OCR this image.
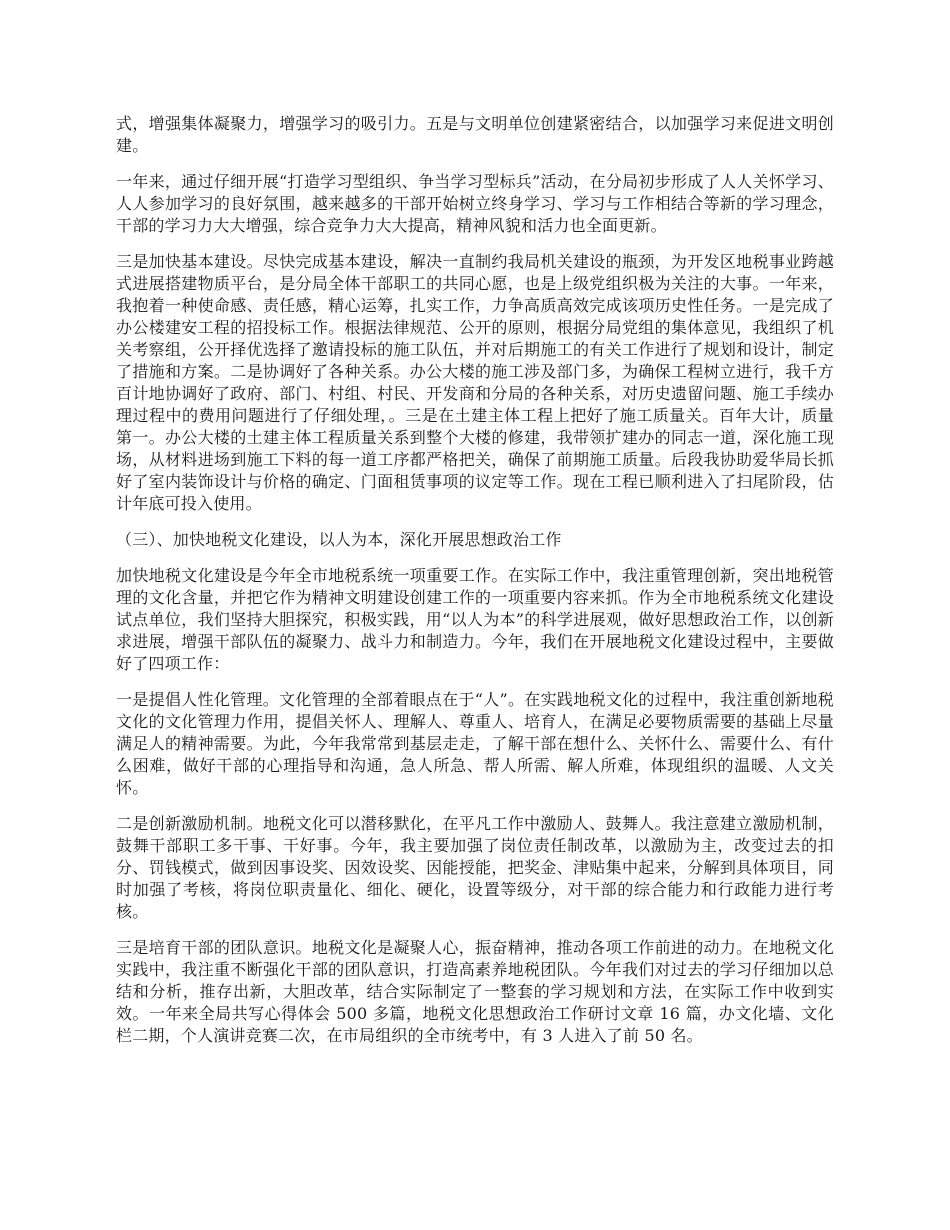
式，增强集体凝聚力，增强学习的吸引力。五是与文明单位创建紧密结合，以加强学习来促进文明创建。

一年来，通过仔细开展“打造学习型组织、争当学习型标兵”活动，在分局初步形成了人人关怀学习、人人参加学习的良好氛围，越来越多的干部开始树立终身学习、学习与工作相结合等新的学习理念，干部的学习力大大增强，综合竞争力大大提高，精神风貌和活力也全面更新。

三是加快基本建设。尽快完成基本建设，解决一直制约我局机关建设的瓶颈，为开发区地税事业跨越式进展搭建物质平台，是分局全体干部职工的共同心愿，也是上级党组织极为关注的大事。一年来，我抱着一种使命感、责任感，精心运筹，扎实工作，力争高质高效完成该项历史性任务。一是完成了办公楼建安工程的招投标工作。根据法律规范、公开的原则，根据分局党组的集体意见，我组织了机关考察组，公开择优选择了邀请投标的施工队伍，并对后期施工的有关工作进行了规划和设计，制定了措施和方案。二是协调好了各种关系。办公大楼的施工涉及部门多，为确保工程树立进行，我千方百计地协调好了政府、部门、村组、村民、开发商和分局的各种关系，对历史遗留问题、施工手续办理过程中的费用问题进行了仔细处理，。三是在土建主体工程上把好了施工质量关。百年大计，质量第一。办公大楼的土建主体工程质量关系到整个大楼的修建，我带领扩建办的同志一道，深化施工现场，从材料进场到施工下料的每一道工序都严格把关，确保了前期施工质量。后段我协助爱华局长抓好了室内装饰设计与价格的确定、门面租赁事项的议定等工作。现在工程已顺利进入了扫尾阶段，估计年底可投入使用。

（三）、加快地税文化建设，以人为本，深化开展思想政治工作

加快地税文化建设是今年全市地税系统一项重要工作。在实际工作中，我注重管理创新，突出地税管理的文化含量，并把它作为精神文明建设创建工作的一项重要内容来抓。作为全市地税系统文化建设试点单位，我们坚持大胆探究，积极实践，用“以人为本”的科学进展观，做好思想政治工作，以创新求进展，增强干部队伍的凝聚力、战斗力和制造力。今年，我们在开展地税文化建设过程中，主要做好了四项工作：

一是提倡人性化管理。文化管理的全部着眼点在于“人”。在实践地税文化的过程中，我注重创新地税文化的文化管理力作用，提倡关怀人、理解人、尊重人、培育人，在满足必要物质需要的基础上尽量满足人的精神需要。为此，今年我常常到基层走走，了解干部在想什么、关怀什么、需要什么、有什么困难，做好干部的心理指导和沟通，急人所急、帮人所需、解人所难，体现组织的温暖、人文关怀。

二是创新激励机制。地税文化可以潜移默化，在平凡工作中激励人、鼓舞人。我注意建立激励机制，鼓舞干部职工多干事、干好事。今年，我主要加强了岗位责任制改革，以激励为主，改变过去的扣分、罚钱模式，做到因事设奖、因效设奖、因能授能，把奖金、津贴集中起来，分解到具体项目，同时加强了考核，将岗位职责量化、细化、硬化，设置等级分，对干部的综合能力和行政能力进行考核。

三是培育干部的团队意识。地税文化是凝聚人心，振奋精神，推动各项工作前进的动力。在地税文化实践中，我注重不断强化干部的团队意识，打造高素养地税团队。今年我们对过去的学习仔细加以总结和分析，推存出新，大胆改革，结合实际制定了一整套的学习规划和方法，在实际工作中收到实效。一年来全局共写心得体会 500 多篇，地税文化思想政治工作研讨文章 16 篇，办文化墙、文化栏二期，个人演讲竞赛二次，在市局组织的全市统考中，有 3 人进入了前 50 名。
